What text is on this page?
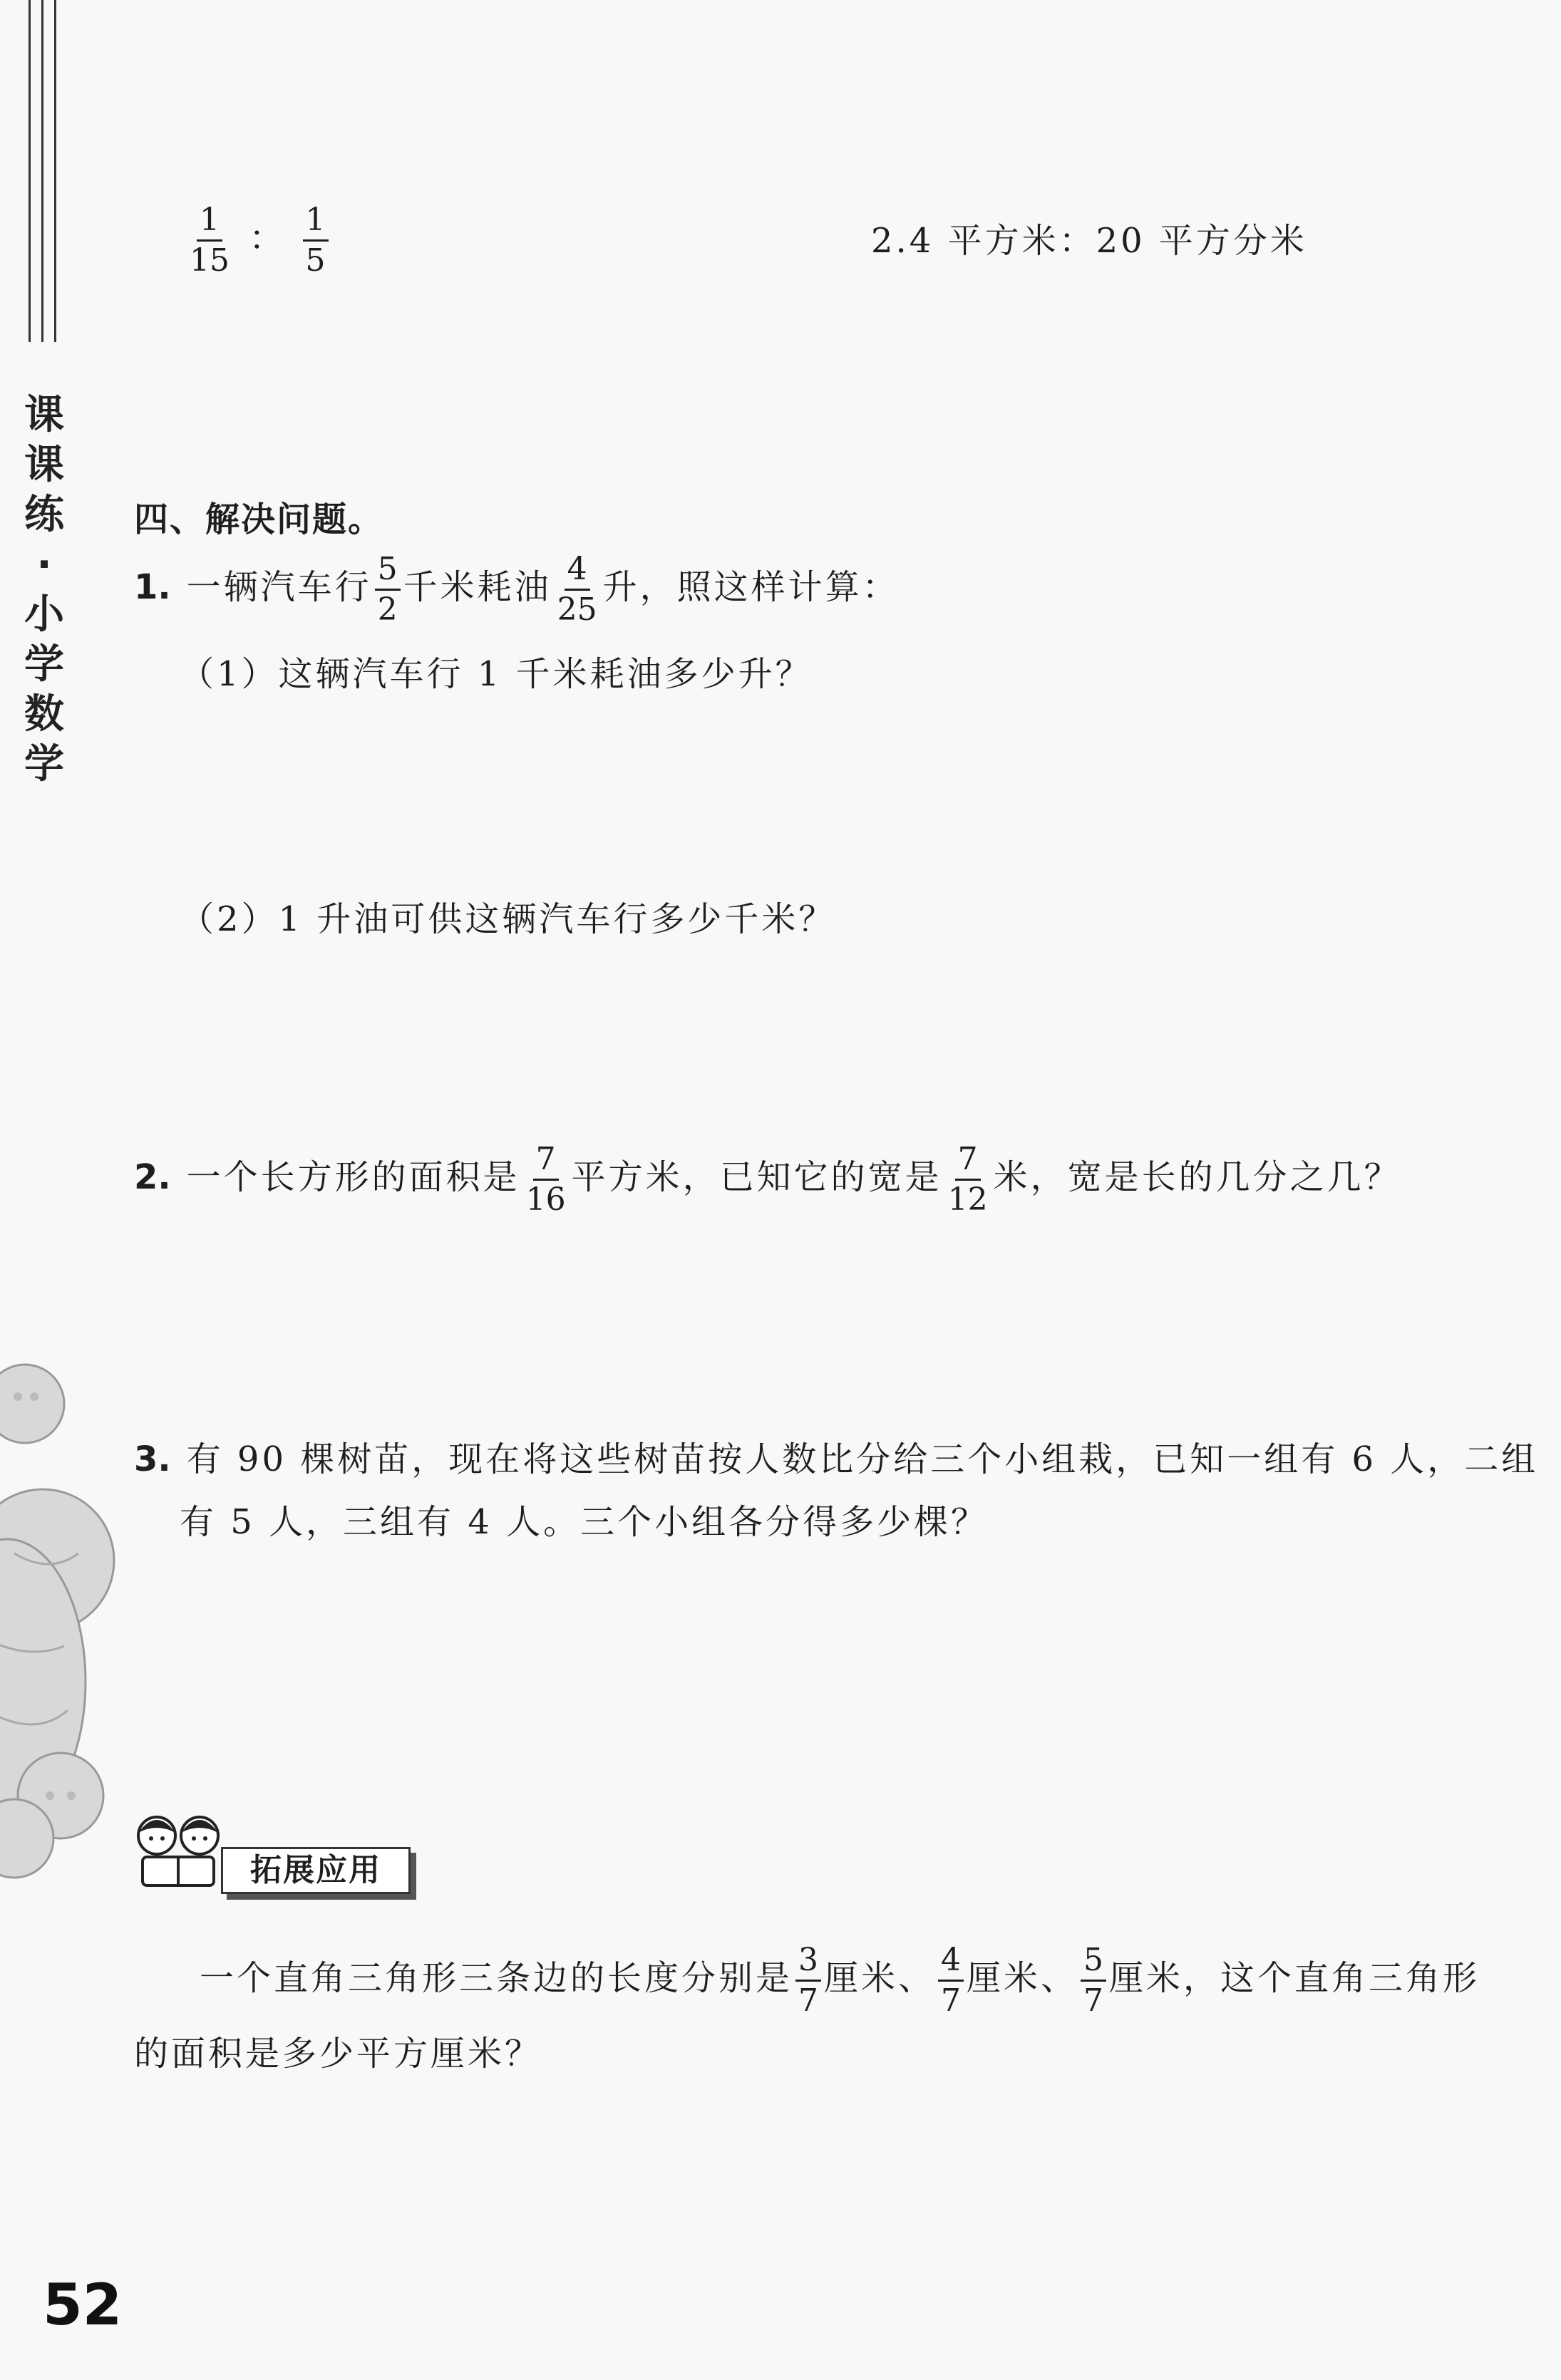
课
课
练
·
小
学
数
学
$\frac{1}{15}$ ： $\frac{1}{5}$	2.4 平方米：20 平方分米
四、解决问题。
1. 一辆汽车行 $\frac{5}{2}$ 千米耗油 $\frac{4}{25}$ 升，照这样计算：
（1）这辆汽车行 1 千米耗油多少升？
（2）1 升油可供这辆汽车行多少千米？
2. 一个长方形的面积是 $\frac{7}{16}$ 平方米，已知它的宽是 $\frac{7}{12}$ 米，宽是长的几分之几？
3. 有 90 棵树苗，现在将这些树苗按人数比分给三个小组栽，已知一组有 6 人，二组
有 5 人，三组有 4 人。三个小组各分得多少棵？
拓展应用
一个直角三角形三条边的长度分别是 $\frac{3}{7}$ 厘米、 $\frac{4}{7}$ 厘米、 $\frac{5}{7}$ 厘米，这个直角三角形
的面积是多少平方厘米？
52
